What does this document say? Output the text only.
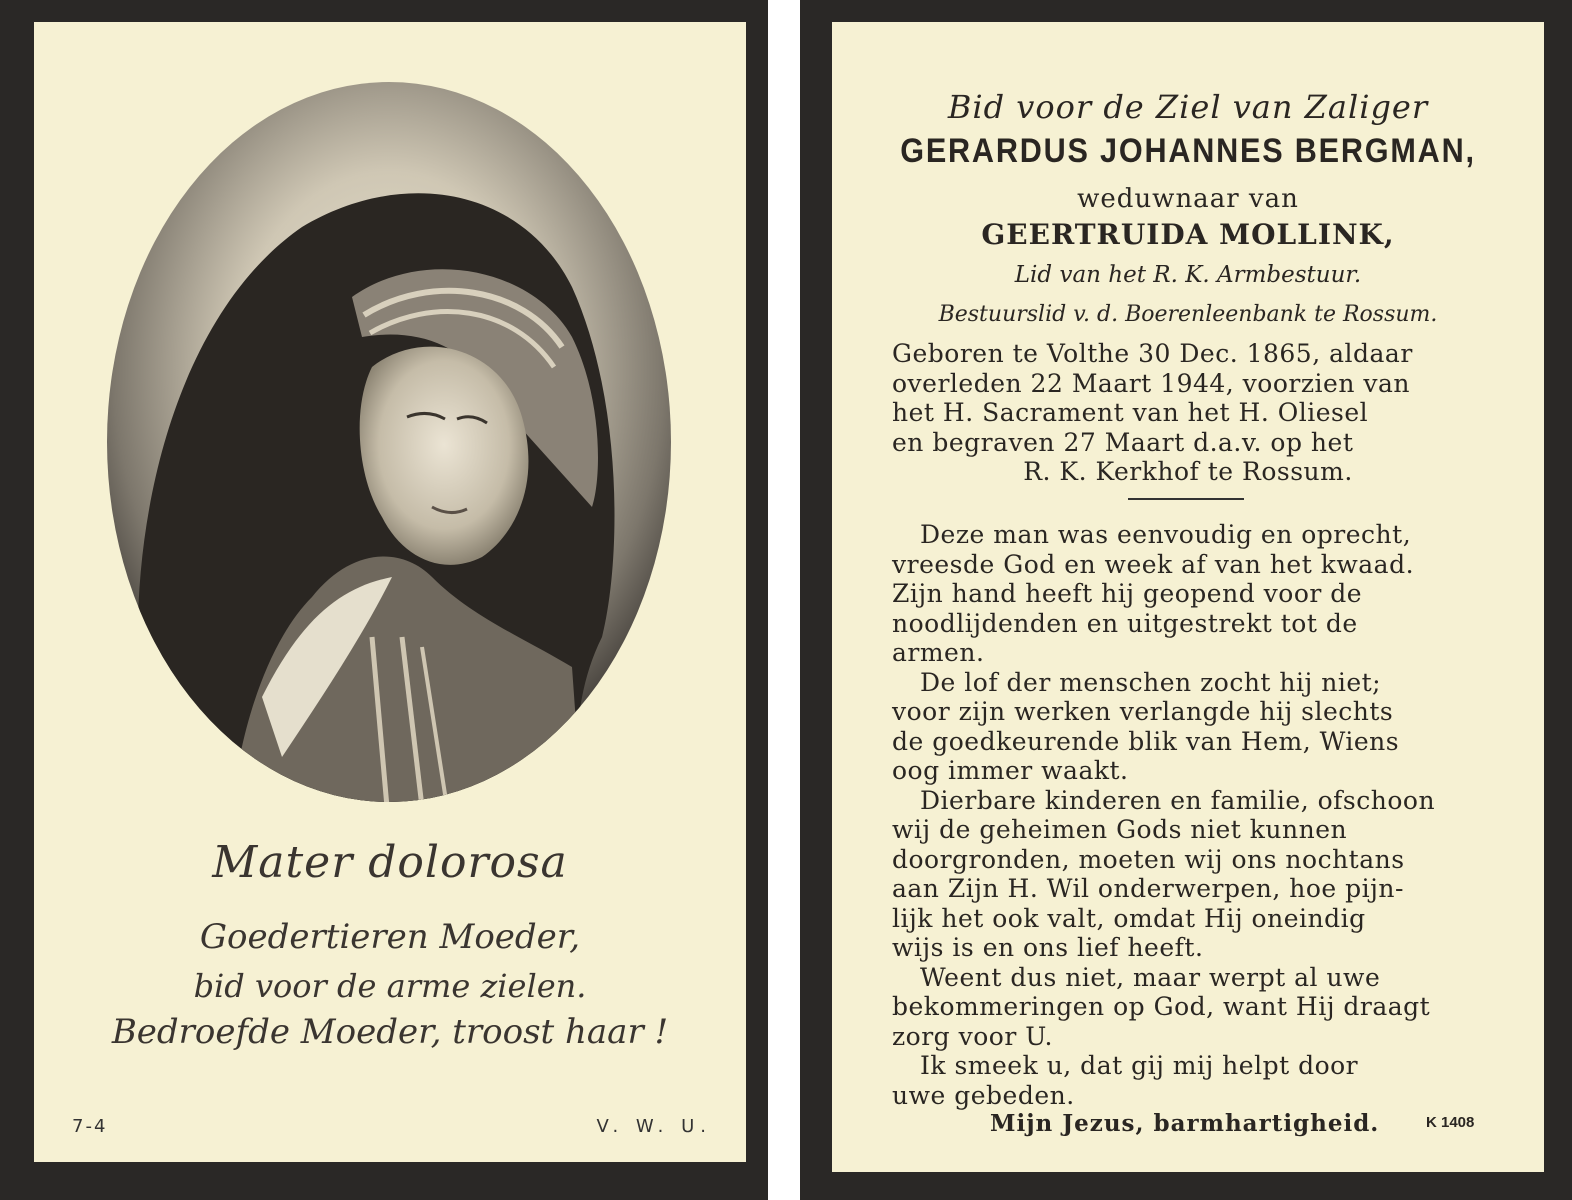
Mater dolorosa
Goedertieren Moeder,
bid voor de arme zielen.
Bedroefde Moeder, troost haar !
7-4	V. W. U.
Bid voor de Ziel van Zaliger
GERARDUS JOHANNES BERGMAN,
weduwnaar van
GEERTRUIDA MOLLINK,
Lid van het R. K. Armbestuur.
Bestuurslid v. d. Boerenleenbank te Rossum.
Geboren te Volthe 30 Dec. 1865, aldaar
overleden 22 Maart 1944, voorzien van
het H. Sacrament van het H. Oliesel
en begraven 27 Maart d.a.v. op het
R. K. Kerkhof te Rossum.
Deze man was eenvoudig en oprecht,
vreesde God en week af van het kwaad.
Zijn hand heeft hij geopend voor de
noodlijdenden en uitgestrekt tot de
armen.
De lof der menschen zocht hij niet;
voor zijn werken verlangde hij slechts
de goedkeurende blik van Hem, Wiens
oog immer waakt.
Dierbare kinderen en familie, ofschoon
wij de geheimen Gods niet kunnen
doorgronden, moeten wij ons nochtans
aan Zijn H. Wil onderwerpen, hoe pijn-
lijk het ook valt, omdat Hij oneindig
wijs is en ons lief heeft.
Weent dus niet, maar werpt al uwe
bekommeringen op God, want Hij draagt
zorg voor U.
Ik smeek u, dat gij mij helpt door
uwe gebeden.
Mijn Jezus, barmhartigheid.	K 1408
